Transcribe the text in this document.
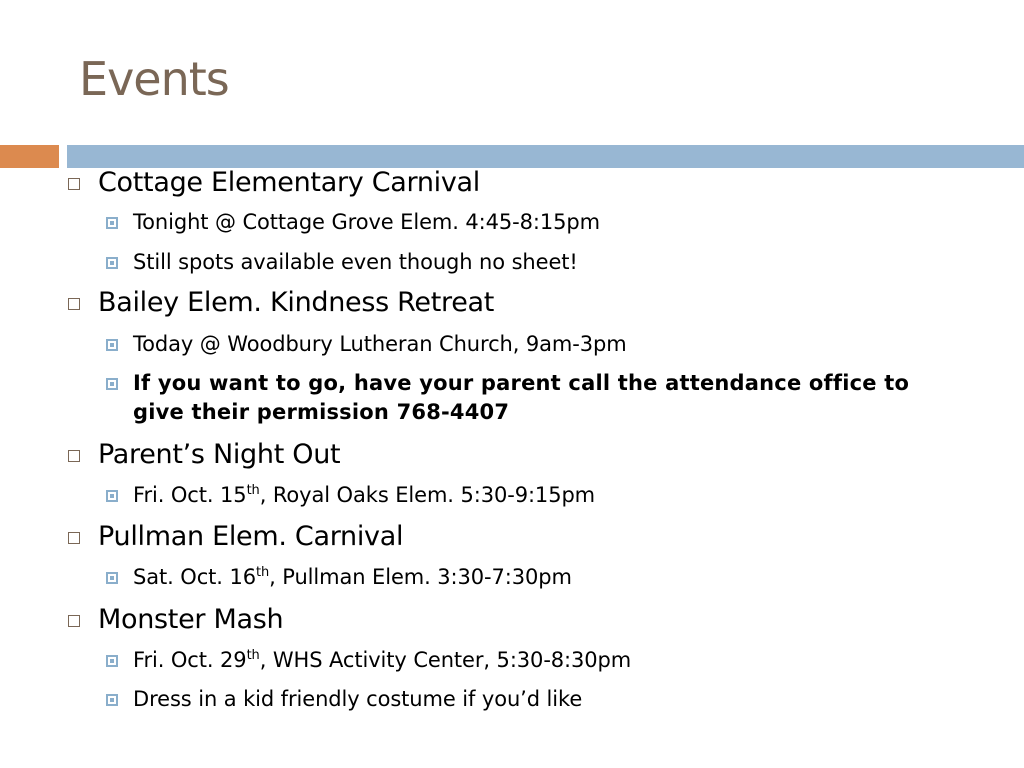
Events
Cottage Elementary Carnival
Tonight @ Cottage Grove Elem. 4:45-8:15pm
Still spots available even though no sheet!
Bailey Elem. Kindness Retreat
Today @ Woodbury Lutheran Church, 9am-3pm
If you want to go, have your parent call the attendance office to give their permission 768-4407
Parent’s Night Out
Fri. Oct. 15th, Royal Oaks Elem. 5:30-9:15pm
Pullman Elem. Carnival
Sat. Oct. 16th, Pullman Elem. 3:30-7:30pm
Monster Mash
Fri. Oct. 29th, WHS Activity Center, 5:30-8:30pm
Dress in a kid friendly costume if you’d like
